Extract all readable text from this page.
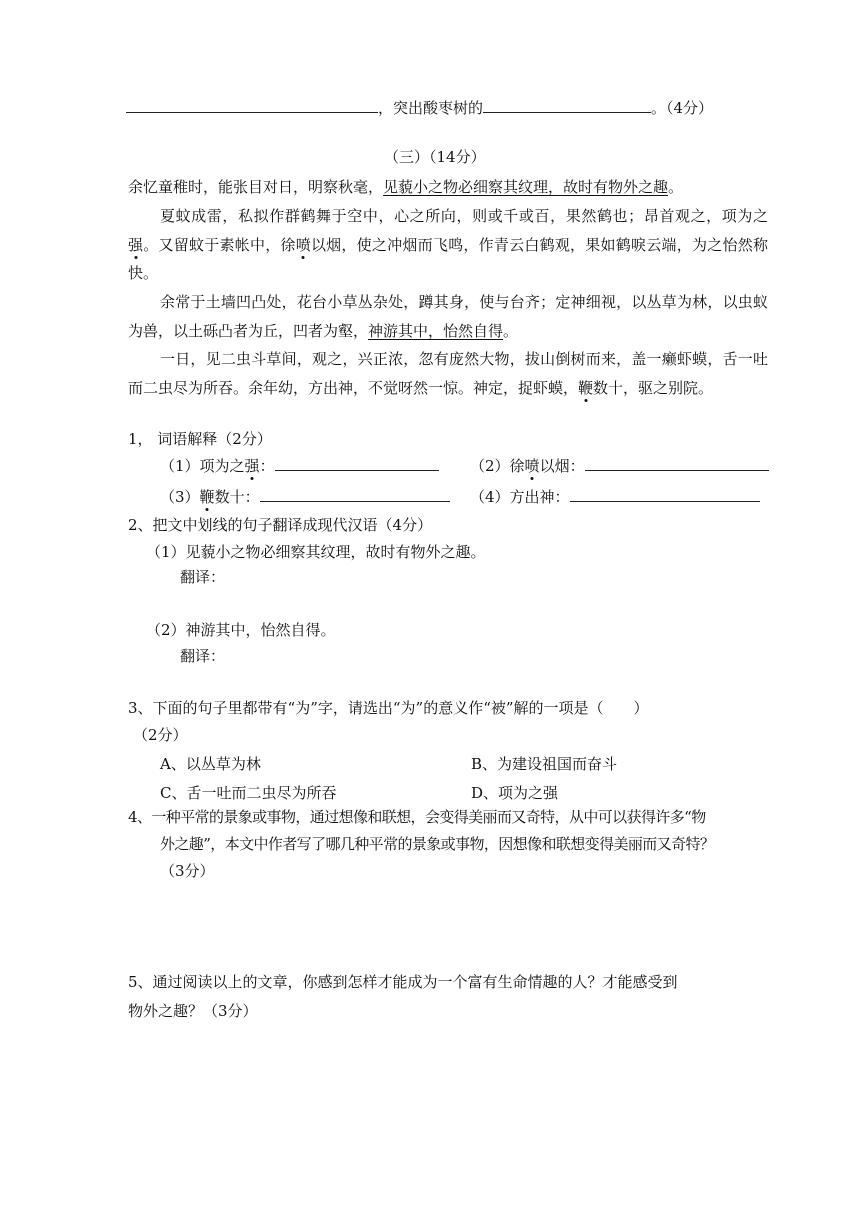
，突出酸枣树的	。（4分）
（三）（14分）
余忆童稚时，能张目对日，明察秋毫，见藐小之物必细察其纹理，故时有物外之趣。
夏蚊成雷，私拟作群鹤舞于空中，心之所向，则或千或百，果然鹤也；昂首观之，项为之强。又留蚊于素帐中，徐喷以烟，使之冲烟而飞鸣，作青云白鹤观，果如鹤唳云端，为之怡然称快。
余常于土墙凹凸处，花台小草丛杂处，蹲其身，使与台齐；定神细视，以丛草为林，以虫蚁为兽，以土砾凸者为丘，凹者为壑，神游其中，怡然自得。
一日，见二虫斗草间，观之，兴正浓，忽有庞然大物，拔山倒树而来，盖一癞虾蟆，舌一吐而二虫尽为所吞。余年幼，方出神，不觉呀然一惊。神定，捉虾蟆，鞭数十，驱之别院。
1， 词语解释（2分）
（1）项为之强：	（2）徐喷以烟：
（3）鞭数十：	（4）方出神：
2、把文中划线的句子翻译成现代汉语（4分）
（1）见藐小之物必细察其纹理，故时有物外之趣。
翻译：
（2）神游其中，怡然自得。
翻译：
3、下面的句子里都带有“为”字，请选出“为”的意义作“被”解的一项是（　　）
（2分）
A、以丛草为林	B、为建设祖国而奋斗
C、舌一吐而二虫尽为所吞	D、项为之强
4、一种平常的景象或事物，通过想像和联想，会变得美丽而又奇特，从中可以获得许多“物
外之趣”，本文中作者写了哪几种平常的景象或事物，因想像和联想变得美丽而又奇特？
（3分）
5、通过阅读以上的文章，你感到怎样才能成为一个富有生命情趣的人？才能感受到
物外之趣？（3分）
